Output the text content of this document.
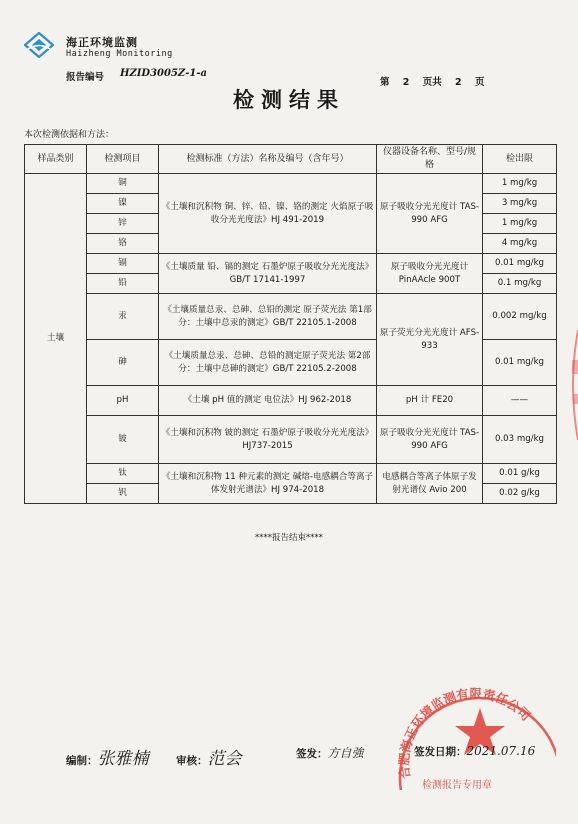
海正环境监测
Haizheng Monitoring
报告编号 HZID3005Z-1-a
第 2 页共 2 页
检测结果
本次检测依据和方法：
样品类别	检测项目	检测标准（方法）名称及编号（含年号）	仪器设备名称、型号/规格	检出限
土壤	铜	《土壤和沉积物 铜、锌、铅、镍、铬的测定 火焰原子吸收分光光度法》HJ 491-2019	原子吸收分光光度计 TAS-990 AFG	1 mg/kg
	镍			3 mg/kg
	锌			1 mg/kg
	铬			4 mg/kg
	镉	《土壤质量 铅、镉的测定 石墨炉原子吸收分光光度法》 GB/T 17141-1997	原子吸收分光光度计 PinAAcle 900T	0.01 mg/kg
	铅			0.1 mg/kg
	汞	《土壤质量总汞、总砷、总铅的测定 原子荧光法 第1部分：土壤中总汞的测定》GB/T 22105.1-2008	原子荧光分光光度计 AFS-933	0.002 mg/kg
	砷	《土壤质量总汞、总砷、总铅的测定原子荧光法 第2部分：土壤中总砷的测定》GB/T 22105.2-2008		0.01 mg/kg
	pH	《土壤 pH 值的测定 电位法》HJ 962-2018	pH 计 FE20	——
	铍	《土壤和沉积物 铍的测定 石墨炉原子吸收分光光度法》 HJ737-2015	原子吸收分光光度计 TAS-990 AFG	0.03 mg/kg
	钛	《土壤和沉积物 11 种元素的测定 碱熔-电感耦合等离子体发射光谱法》HJ 974-2018	电感耦合等离子体原子发射光谱仪 Avio 200	0.01 g/kg
	钒			0.02 g/kg
****报告结束****
合肥海正环境监测有限责任公司
检测报告专用章
编制：张雅楠	审核：范会	签发：方自強	签发日期：2021.07.16
